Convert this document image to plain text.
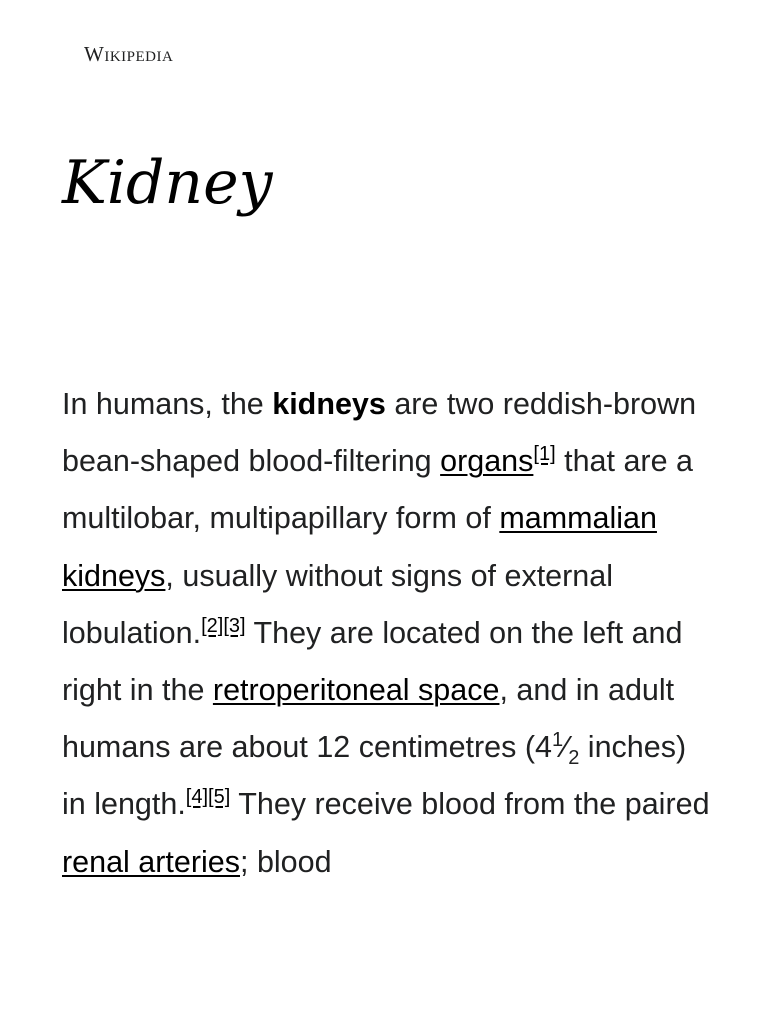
Wikipedia
Kidney

In humans, the kidneys are two reddish-brown bean-shaped blood-filtering organs[1] that are a multilobar, multipapillary form of mammalian kidneys, usually without signs of external lobulation.[2][3] They are located on the left and right in the retroperitoneal space, and in adult humans are about 12 centimetres ($4^1⁄_2$ inches) in length.[4][5] They receive blood from the paired renal arteries; blood
